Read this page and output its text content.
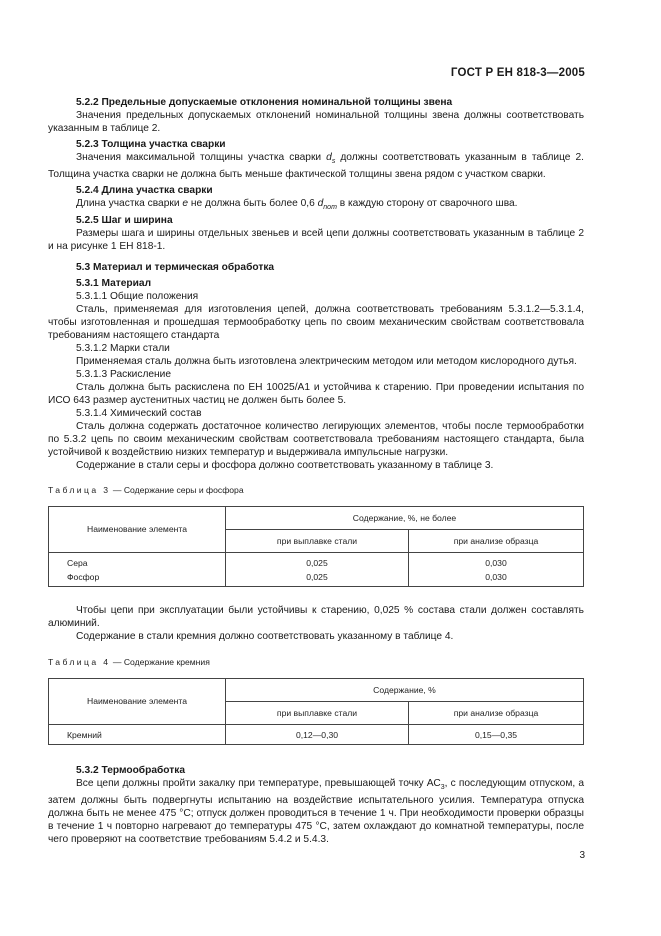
ГОСТ Р ЕН 818-3—2005

5.2.2 Предельные допускаемые отклонения номинальной толщины звена

Значения предельных допускаемых отклонений номинальной толщины звена должны соответствовать указанным в таблице 2.

5.2.3 Толщина участка сварки

Значения максимальной толщины участка сварки $d_s$ должны соответствовать указанным в таблице 2. Толщина участка сварки не должна быть меньше фактической толщины звена рядом с участком сварки.

5.2.4 Длина участка сварки

Длина участка сварки e не должна быть более 0,6 $d_{nom}$ в каждую сторону от сварочного шва.

5.2.5 Шаг и ширина

Размеры шага и ширины отдельных звеньев и всей цепи должны соответствовать указанным в таблице 2 и на рисунке 1 ЕН 818-1.

5.3 Материал и термическая обработка

5.3.1 Материал

5.3.1.1 Общие положения

Сталь, применяемая для изготовления цепей, должна соответствовать требованиям 5.3.1.2—5.3.1.4, чтобы изготовленная и прошедшая термообработку цепь по своим механическим свойствам соответствовала требованиям настоящего стандарта

5.3.1.2 Марки стали

Применяемая сталь должна быть изготовлена электрическим методом или методом кислородного дутья.

5.3.1.3 Раскисление

Сталь должна быть раскислена по ЕН 10025/А1 и устойчива к старению. При проведении испытания по ИСО 643 размер аустенитных частиц не должен быть более 5.

5.3.1.4 Химический состав

Сталь должна содержать достаточное количество легирующих элементов, чтобы после термообработки по 5.3.2 цепь по своим механическим свойствам соответствовала требованиям настоящего стандарта, была устойчивой к воздействию низких температур и выдерживала импульсные нагрузки.

Содержание в стали серы и фосфора должно соответствовать указанному в таблице 3.

Таблица 3 — Содержание серы и фосфора

Наименование элемента	Содержание, %, не более	
	при выплавке стали	при анализе образца
Сера	0,025	0,030
Фосфор	0,025	0,030

Чтобы цепи при эксплуатации были устойчивы к старению, 0,025 % состава стали должен составлять алюминий.

Содержание в стали кремния должно соответствовать указанному в таблице 4.

Таблица 4 — Содержание кремния

Наименование элемента	Содержание, %	
	при выплавке стали	при анализе образца
Кремний	0,12—0,30	0,15—0,35

5.3.2 Термообработка

Все цепи должны пройти закалку при температуре, превышающей точку $АС_3$, с последующим отпуском, а затем должны быть подвергнуты испытанию на воздействие испытательного усилия. Температура отпуска должна быть не менее 475 °С; отпуск должен проводиться в течение 1 ч. При необходимости проверки образцы в течение 1 ч повторно нагревают до температуры 475 °С, затем охлаждают до комнатной температуры, после чего проверяют на соответствие требованиям 5.4.2 и 5.4.3.

3
